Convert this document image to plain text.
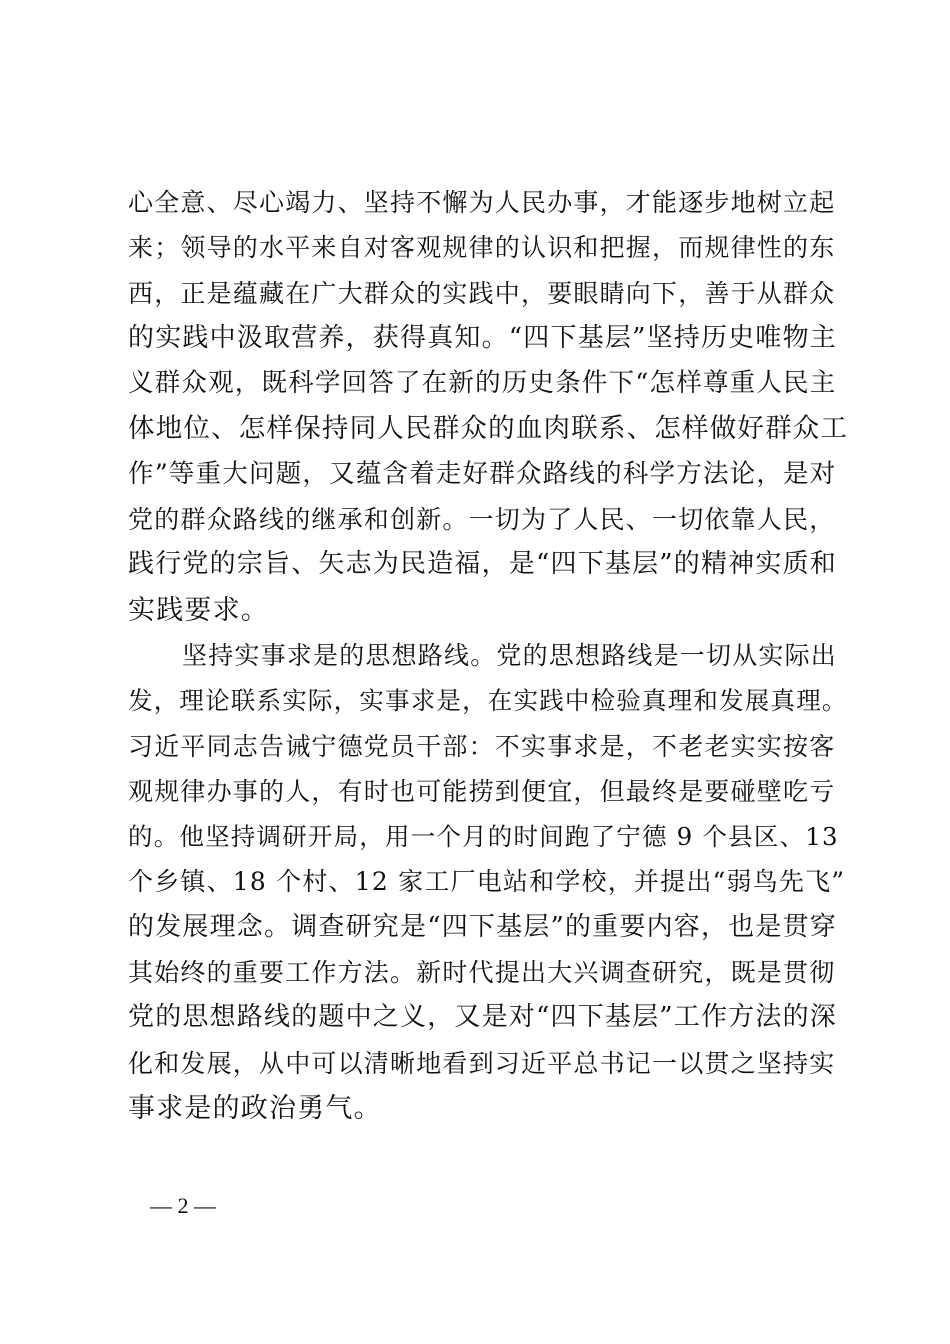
心全意、尽心竭力、坚持不懈为人民办事，才能逐步地树立起
来；领导的水平来自对客观规律的认识和把握，而规律性的东
西，正是蕴藏在广大群众的实践中，要眼睛向下，善于从群众
的实践中汲取营养，获得真知。“四下基层”坚持历史唯物主
义群众观，既科学回答了在新的历史条件下“怎样尊重人民主
体地位、怎样保持同人民群众的血肉联系、怎样做好群众工
作”等重大问题，又蕴含着走好群众路线的科学方法论，是对
党的群众路线的继承和创新。一切为了人民、一切依靠人民，
践行党的宗旨、矢志为民造福，是“四下基层”的精神实质和
实践要求。
坚持实事求是的思想路线。党的思想路线是一切从实际出
发，理论联系实际，实事求是，在实践中检验真理和发展真理。
习近平同志告诫宁德党员干部：不实事求是，不老老实实按客
观规律办事的人，有时也可能捞到便宜，但最终是要碰壁吃亏
的。他坚持调研开局，用一个月的时间跑了宁德 9 个县区、13
个乡镇、18 个村、12 家工厂电站和学校，并提出“弱鸟先飞”
的发展理念。调查研究是“四下基层”的重要内容，也是贯穿
其始终的重要工作方法。新时代提出大兴调查研究，既是贯彻
党的思想路线的题中之义，又是对“四下基层”工作方法的深
化和发展，从中可以清晰地看到习近平总书记一以贯之坚持实
事求是的政治勇气。
— 2 —
